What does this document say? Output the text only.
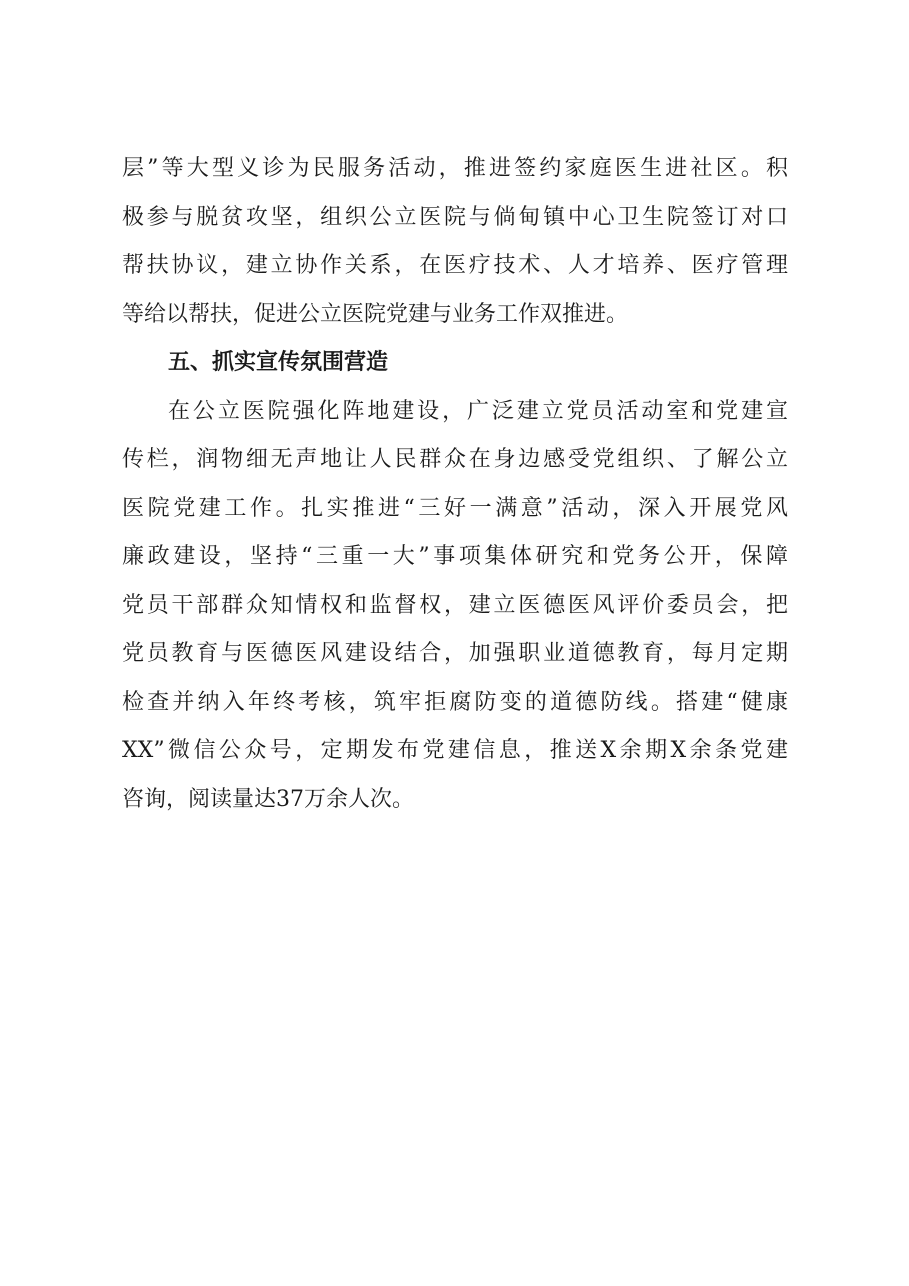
层”等大型义诊为民服务活动，推进签约家庭医生进社区。积
极参与脱贫攻坚，组织公立医院与倘甸镇中心卫生院签订对口
帮扶协议，建立协作关系，在医疗技术、人才培养、医疗管理
等给以帮扶，促进公立医院党建与业务工作双推进。
五、抓实宣传氛围营造
在公立医院强化阵地建设，广泛建立党员活动室和党建宣
传栏，润物细无声地让人民群众在身边感受党组织、了解公立
医院党建工作。扎实推进“三好一满意”活动，深入开展党风
廉政建设，坚持“三重一大”事项集体研究和党务公开，保障
党员干部群众知情权和监督权，建立医德医风评价委员会，把
党员教育与医德医风建设结合，加强职业道德教育，每月定期
检查并纳入年终考核，筑牢拒腐防变的道德防线。搭建“健康
XX”微信公众号，定期发布党建信息，推送X余期X余条党建
咨询，阅读量达37万余人次。
